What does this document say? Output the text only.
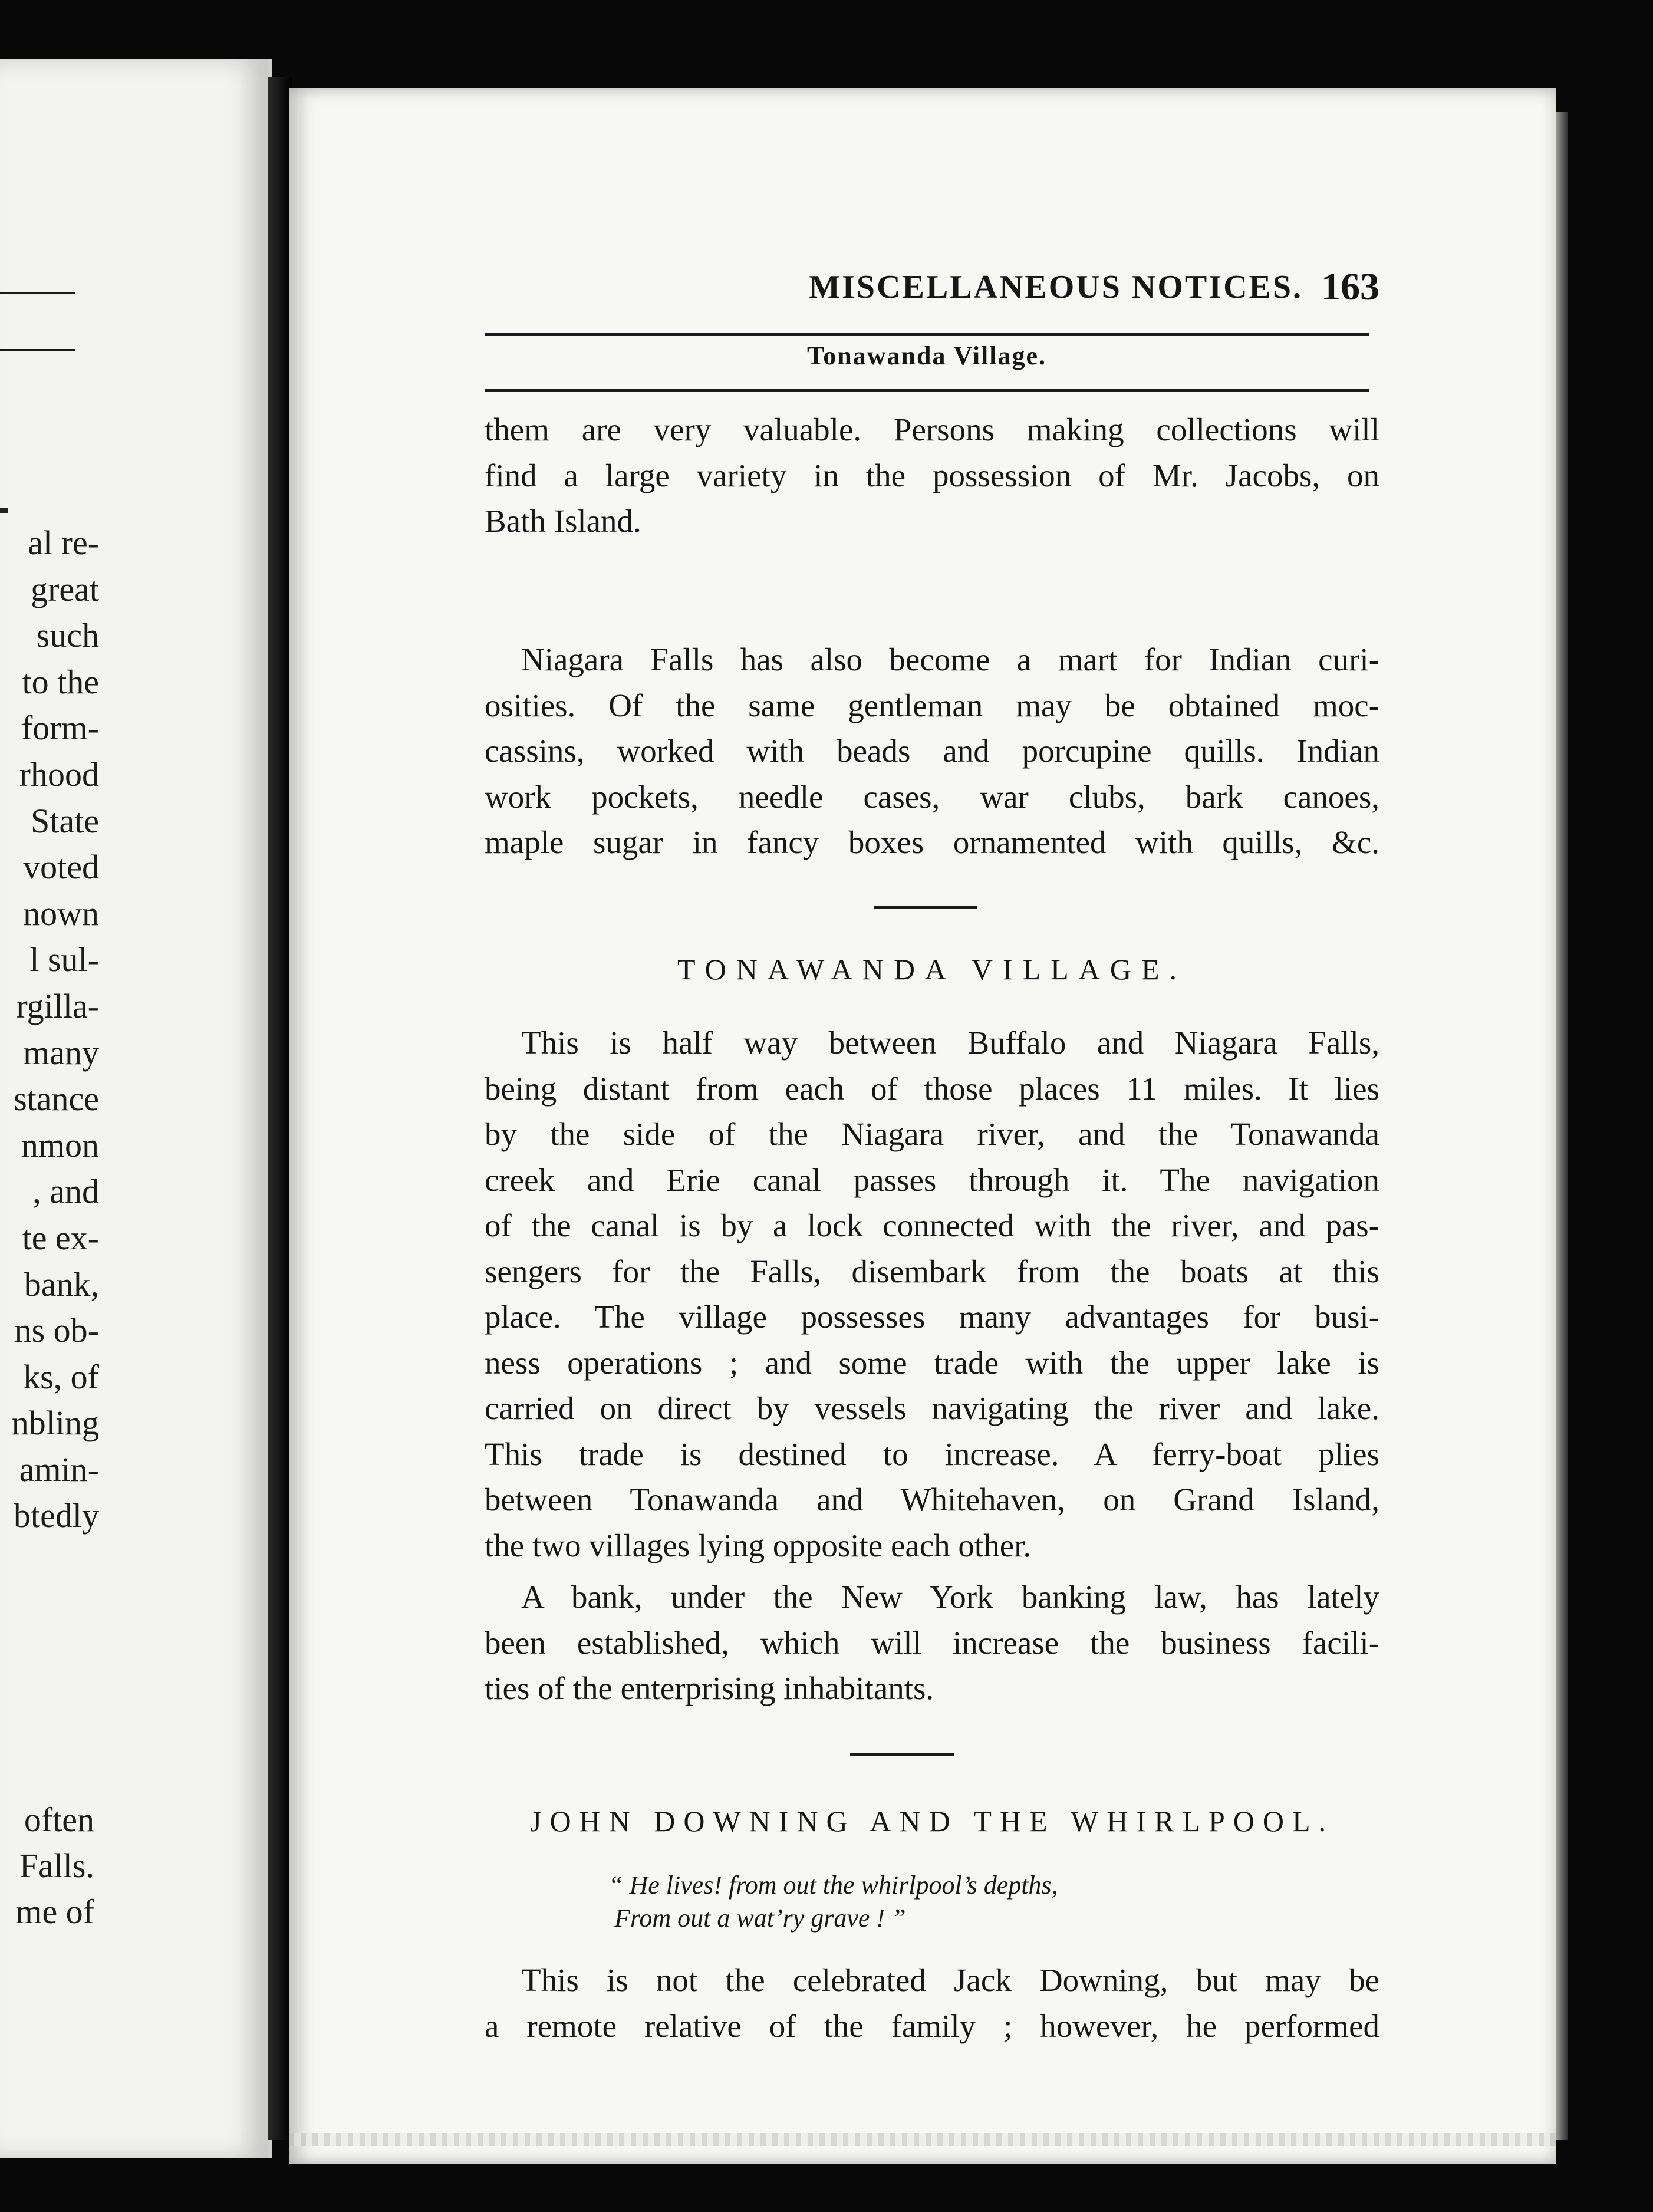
al re-
great
such
to the
form-
rhood
State
voted
nown
l sul-
rgilla-
many
stance
nmon
, and
te ex-
bank,
ns ob-
ks, of
nbling
amin-
btedly
often
Falls.
me of
MISCELLANEOUS NOTICES. 163
Tonawanda Village.
them are very valuable. Persons making collections will
find a large variety in the possession of Mr. Jacobs, on
Bath Island.
Niagara Falls has also become a mart for Indian curi-
osities. Of the same gentleman may be obtained moc-
cassins, worked with beads and porcupine quills. Indian
work pockets, needle cases, war clubs, bark canoes,
maple sugar in fancy boxes ornamented with quills, &c.
TONAWANDA VILLAGE.
This is half way between Buffalo and Niagara Falls,
being distant from each of those places 11 miles. It lies
by the side of the Niagara river, and the Tonawanda
creek and Erie canal passes through it. The navigation
of the canal is by a lock connected with the river, and pas-
sengers for the Falls, disembark from the boats at this
place. The village possesses many advantages for busi-
ness operations ; and some trade with the upper lake is
carried on direct by vessels navigating the river and lake.
This trade is destined to increase. A ferry-boat plies
between Tonawanda and Whitehaven, on Grand Island,
the two villages lying opposite each other.
A bank, under the New York banking law, has lately
been established, which will increase the business facili-
ties of the enterprising inhabitants.
JOHN DOWNING AND THE WHIRLPOOL.
“ He lives! from out the whirlpool’s depths,
From out a wat’ry grave ! ”
This is not the celebrated Jack Downing, but may be
a remote relative of the family ; however, he performed
